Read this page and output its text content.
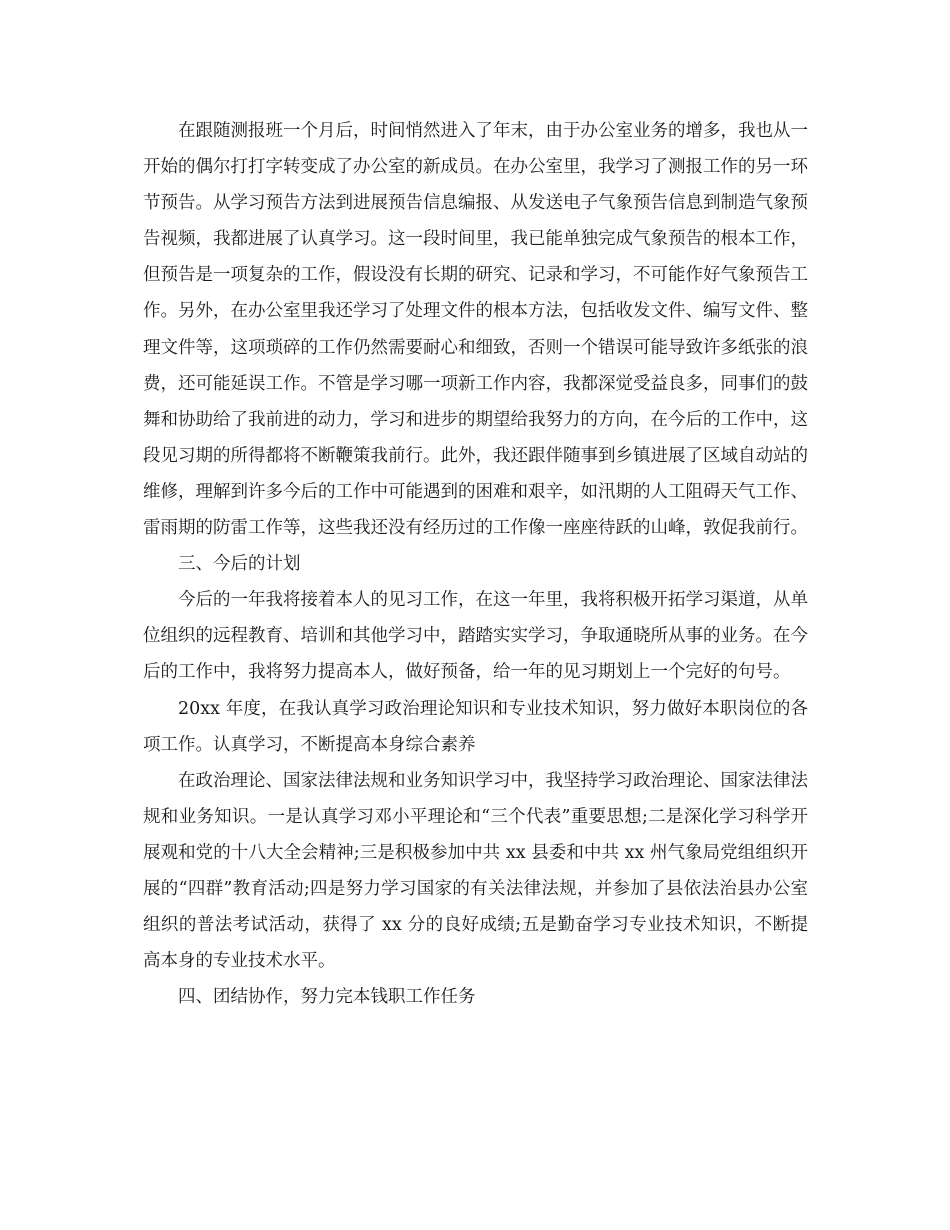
在跟随测报班一个月后，时间悄然进入了年末，由于办公室业务的增多，我也从一开始的偶尔打打字转变成了办公室的新成员。在办公室里，我学习了测报工作的另一环节预告。从学习预告方法到进展预告信息编报、从发送电子气象预告信息到制造气象预告视频，我都进展了认真学习。这一段时间里，我已能单独完成气象预告的根本工作，但预告是一项复杂的工作，假设没有长期的研究、记录和学习，不可能作好气象预告工作。另外，在办公室里我还学习了处理文件的根本方法，包括收发文件、编写文件、整理文件等，这项琐碎的工作仍然需要耐心和细致，否则一个错误可能导致许多纸张的浪费，还可能延误工作。不管是学习哪一项新工作内容，我都深觉受益良多，同事们的鼓舞和协助给了我前进的动力，学习和进步的期望给我努力的方向，在今后的工作中，这段见习期的所得都将不断鞭策我前行。此外，我还跟伴随事到乡镇进展了区域自动站的维修，理解到许多今后的工作中可能遇到的困难和艰辛，如汛期的人工阻碍天气工作、雷雨期的防雷工作等，这些我还没有经历过的工作像一座座待跃的山峰，敦促我前行。

三、今后的计划

今后的一年我将接着本人的见习工作，在这一年里，我将积极开拓学习渠道，从单位组织的远程教育、培训和其他学习中，踏踏实实学习，争取通晓所从事的业务。在今后的工作中，我将努力提高本人，做好预备，给一年的见习期划上一个完好的句号。

20xx 年度，在我认真学习政治理论知识和专业技术知识，努力做好本职岗位的各项工作。认真学习，不断提高本身综合素养

在政治理论、国家法律法规和业务知识学习中，我坚持学习政治理论、国家法律法规和业务知识。一是认真学习邓小平理论和“三个代表”重要思想;二是深化学习科学开展观和党的十八大全会精神;三是积极参加中共 xx 县委和中共 xx 州气象局党组组织开展的“四群”教育活动;四是努力学习国家的有关法律法规，并参加了县依法治县办公室组织的普法考试活动，获得了 xx 分的良好成绩;五是勤奋学习专业技术知识，不断提高本身的专业技术水平。

四、团结协作，努力完本钱职工作任务
